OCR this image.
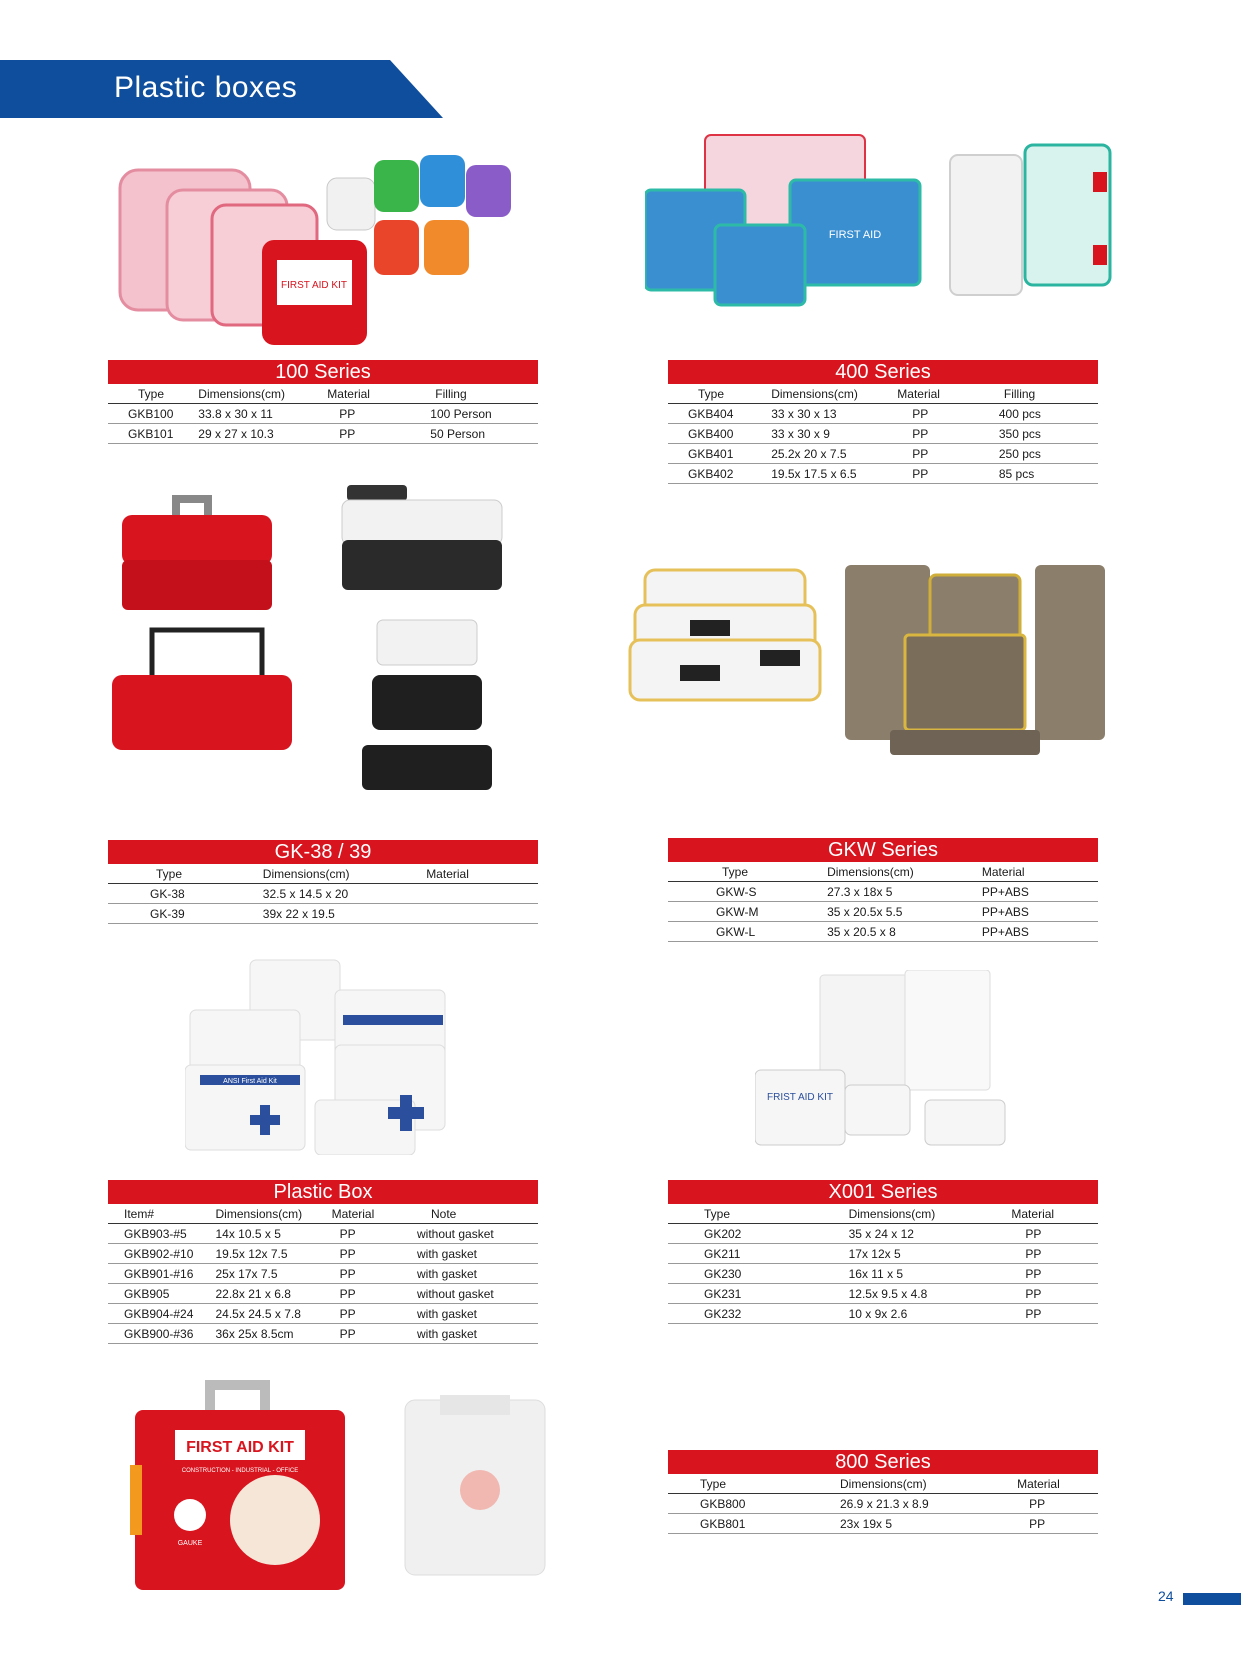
Plastic boxes
FIRST AID KIT
FIRST AID
ANSI First Aid Kit
FRIST AID KIT
FIRST AID KIT
CONSTRUCTION - INDUSTRIAL - OFFICE
GAUKE
100 Series
Type	Dimensions(cm)	Material	Filling
GKB100	33.8 x 30 x 11	PP	100 Person
GKB101	29 x 27 x 10.3	PP	50 Person
400 Series
Type	Dimensions(cm)	Material	Filling
GKB404	33 x 30 x 13	PP	400 pcs
GKB400	33 x 30 x 9	PP	350 pcs
GKB401	25.2x 20 x 7.5	PP	250 pcs
GKB402	19.5x 17.5 x 6.5	PP	85 pcs
GK-38 / 39
Type	Dimensions(cm)	Material
GK-38	32.5 x 14.5 x 20	
GK-39	39x 22 x 19.5	
GKW Series
Type	Dimensions(cm)	Material
GKW-S	27.3 x 18x 5	PP+ABS
GKW-M	35 x 20.5x 5.5	PP+ABS
GKW-L	35 x 20.5 x 8	PP+ABS
Plastic Box
Item#	Dimensions(cm)	Material	Note
GKB903-#5	14x 10.5 x 5	PP	without gasket
GKB902-#10	19.5x 12x 7.5	PP	with gasket
GKB901-#16	25x 17x 7.5	PP	with gasket
GKB905	22.8x 21 x 6.8	PP	without gasket
GKB904-#24	24.5x 24.5 x 7.8	PP	with gasket
GKB900-#36	36x 25x 8.5cm	PP	with gasket
X001 Series
Type	Dimensions(cm)	Material
GK202	35 x 24 x 12	PP
GK211	17x 12x 5	PP
GK230	16x 11 x 5	PP
GK231	12.5x 9.5 x 4.8	PP
GK232	10 x 9x 2.6	PP
800 Series
Type	Dimensions(cm)	Material
GKB800	26.9 x 21.3 x 8.9	PP
GKB801	23x 19x 5	PP
24
